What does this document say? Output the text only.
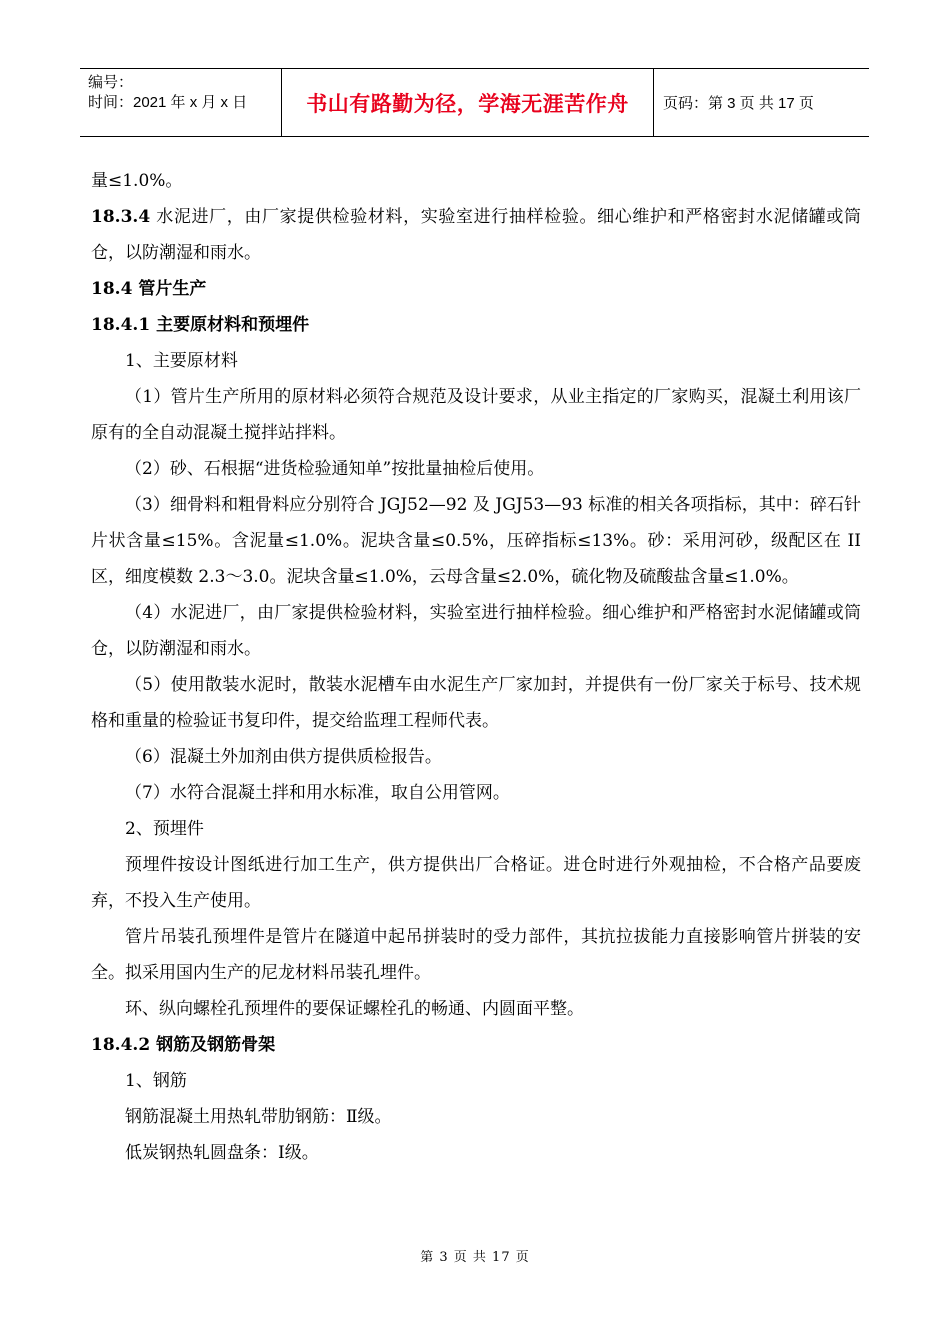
编号：
时间：2021 年 x 月 x 日	书山有路勤为径，学海无涯苦作舟	页码：第 3 页 共 17 页

量≤1.0%。

18.3.4 水泥进厂，由厂家提供检验材料，实验室进行抽样检验。细心维护和严格密封水泥储罐或筒仓，以防潮湿和雨水。

18.4 管片生产

18.4.1 主要原材料和预埋件

1、主要原材料

（1）管片生产所用的原材料必须符合规范及设计要求，从业主指定的厂家购买，混凝土利用该厂原有的全自动混凝土搅拌站拌料。

（2）砂、石根据“进货检验通知单”按批量抽检后使用。

（3）细骨料和粗骨料应分别符合 JGJ52—92 及 JGJ53—93 标准的相关各项指标，其中：碎石针片状含量≤15%。含泥量≤1.0%。泥块含量≤0.5%，压碎指标≤13%。砂：采用河砂，级配区在 II 区，细度模数 2.3～3.0。泥块含量≤1.0%，云母含量≤2.0%，硫化物及硫酸盐含量≤1.0%。

（4）水泥进厂，由厂家提供检验材料，实验室进行抽样检验。细心维护和严格密封水泥储罐或筒仓，以防潮湿和雨水。

（5）使用散装水泥时，散装水泥槽车由水泥生产厂家加封，并提供有一份厂家关于标号、技术规格和重量的检验证书复印件，提交给监理工程师代表。

（6）混凝土外加剂由供方提供质检报告。

（7）水符合混凝土拌和用水标准，取自公用管网。

2、预埋件

预埋件按设计图纸进行加工生产，供方提供出厂合格证。进仓时进行外观抽检，不合格产品要废弃，不投入生产使用。

管片吊装孔预埋件是管片在隧道中起吊拼装时的受力部件，其抗拉拔能力直接影响管片拼装的安全。拟采用国内生产的尼龙材料吊装孔埋件。

环、纵向螺栓孔预埋件的要保证螺栓孔的畅通、内圆面平整。

18.4.2 钢筋及钢筋骨架

1、钢筋

钢筋混凝土用热轧带肋钢筋：Ⅱ级。

低炭钢热轧圆盘条：Ⅰ级。

第 3 页 共 17 页
